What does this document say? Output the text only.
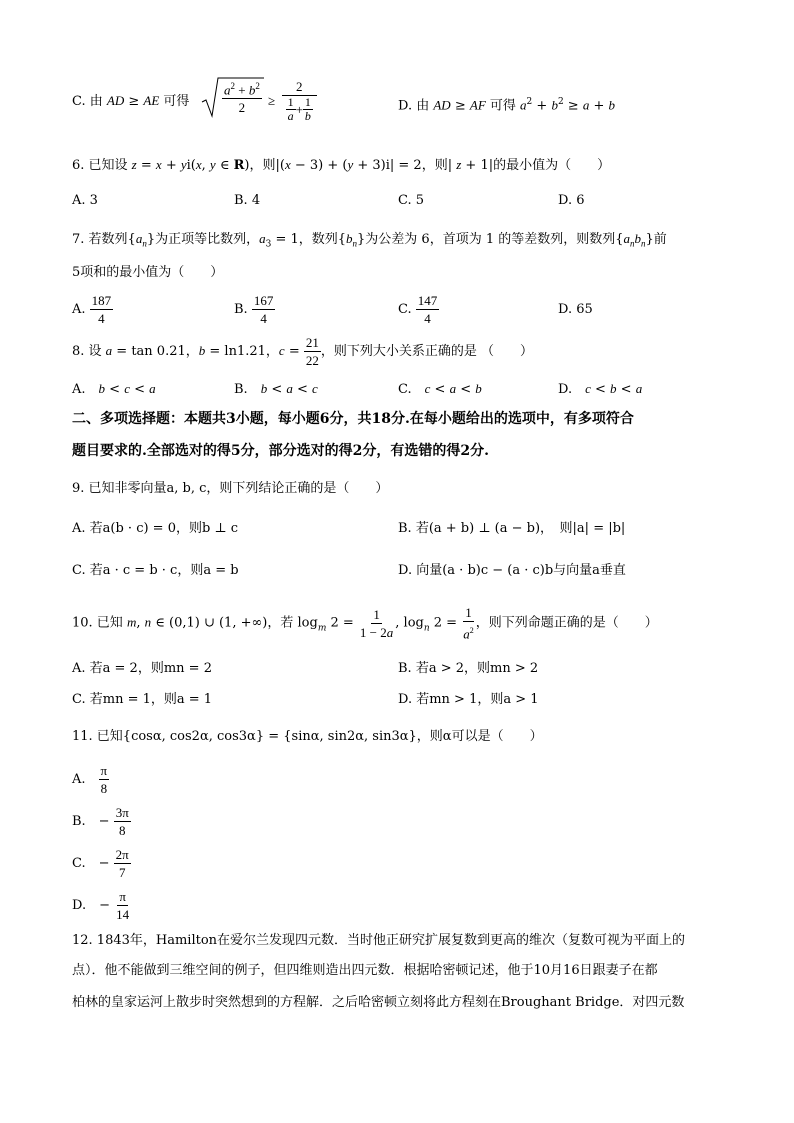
C. 由 AD ≥ AE 可得	$\frac{a^2 + b^2}{2} \ge \frac{2}{\frac{1}{a} + \frac{1}{b}}$	D. 由 AD ≥ AF 可得 $a^2 + b^2 \ge a + b$
6. 已知设 z = x + yi(x, y ∈ R)，则|(x − 3) + (y + 3)i| = 2，则| z + 1|的最小值为（　　）
A. 3	B. 4	C. 5	D. 6
7. 若数列$\{a_n\}$为正项等比数列，$a_3 = 1$，数列$\{b_n\}$为公差为 6，首项为 1 的等差数列，则数列$\{a_nb_n\}$前
5项和的最小值为（　　）
A. $\frac{187}{4}$	B. $\frac{167}{4}$	C. $\frac{147}{4}$	D. 65
8. 设 a = tan 0.21，b = ln1.21，$c = \frac{21}{22}$ ，则下列大小关系正确的是 （　　）
A.　b < c < a	B.　b < a < c	C.　c < a < b	D.　c < b < a
二、多项选择题：本题共3小题，每小题6分，共18分.在每小题给出的选项中，有多项符合
题目要求的.全部选对的得5分，部分选对的得2分，有选错的得2分.
9. 已知非零向量a, b, c，则下列结论正确的是（　　）
A. 若a(b · c) = 0，则b ⊥ c	B. 若(a + b) ⊥ (a − b)，　则|a| = |b|
C. 若a · c = b · c，则a = b	D. 向量(a · b)c − (a · c)b与向量a垂直
10. 已知 m, n ∈ (0,1) ∪ (1, +∞)，若 $\log_m 2 = \frac{1}{1 - 2a}$ , $\log_n 2 = \frac{1}{a^2}$ ，则下列命题正确的是（　　）
A. 若a = 2，则mn = 2	B. 若a > 2，则mn > 2
C. 若mn = 1，则a = 1	D. 若mn > 1，则a > 1
11. 已知{cosα, cos2α, cos3α} = {sinα, sin2α, sin3α}，则α可以是（　　）
A.　 $\frac{\pi}{8}$
B.　− $\frac{3\pi}{8}$
C.　− $\frac{2\pi}{7}$
D.　− $\frac{\pi}{14}$
12. 1843年，Hamilton在爱尔兰发现四元数．当时他正研究扩展复数到更高的维次（复数可视为平面上的
点）．他不能做到三维空间的例子，但四维则造出四元数．根据哈密顿记述，他于10月16日跟妻子在都
柏林的皇家运河上散步时突然想到的方程解．之后哈密顿立刻将此方程刻在Broughant Bridge．对四元数
